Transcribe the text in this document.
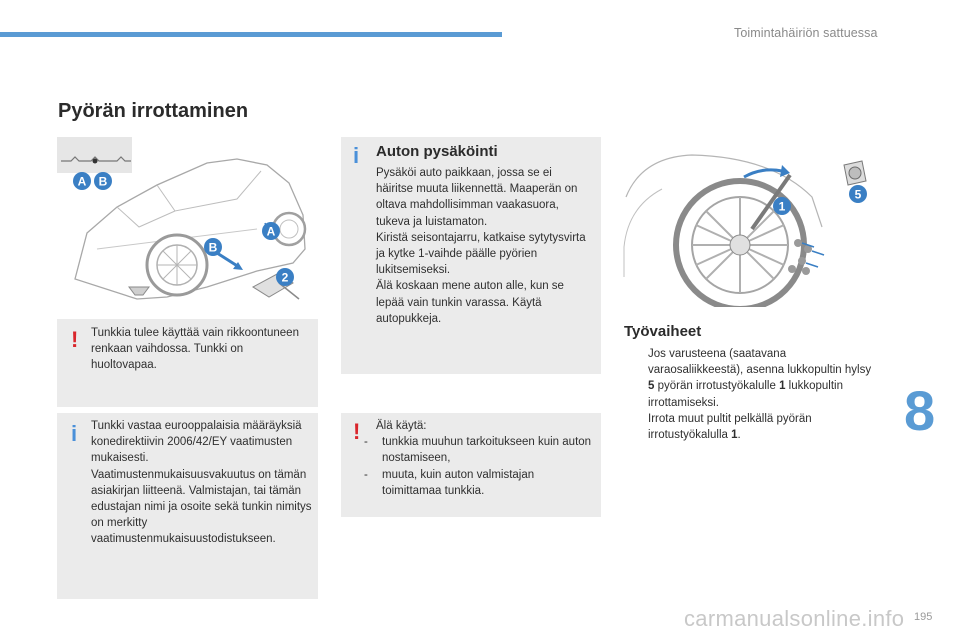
Toimintahäiriön sattuessa
Pyörän irrottaminen
A B
B
A
2
! Tunkkia tulee käyttää vain rikkoontuneen renkaan vaihdossa. Tunkki on huoltovapaa.
i Tunkki vastaa eurooppalaisia määräyksiä konedirektiivin 2006/42/EY vaatimusten mukaisesti. Vaatimustenmukaisuusvakuutus on tämän asiakirjan liitteenä. Valmistajan, tai tämän edustajan nimi ja osoite sekä tunkin nimitys on merkitty vaatimustenmukaisuustodistukseen.
i Auton pysäköinti
Pysäköi auto paikkaan, jossa se ei häiritse muuta liikennettä. Maaperän on oltava mahdollisimman vaakasuora, tukeva ja luistamaton.
Kiristä seisontajarru, katkaise sytytysvirta ja kytke 1-vaihde päälle pyörien lukitsemiseksi.
Älä koskaan mene auton alle, kun se lepää vain tunkin varassa. Käytä autopukkeja.
! Älä käytä:
- tunkkia muuhun tarkoitukseen kuin auton nostamiseen,
- muuta, kuin auton valmistajan toimittamaa tunkkia.
1
5
Työvaiheet
Jos varusteena (saatavana varaosaliikkeestä), asenna lukkopultin hylsy 5 pyörän irrotustyökalulle 1 lukkopultin irrottamiseksi.
Irrota muut pultit pelkällä pyörän irrotustyökalulla 1.	8
carmanualsonline.info 195
